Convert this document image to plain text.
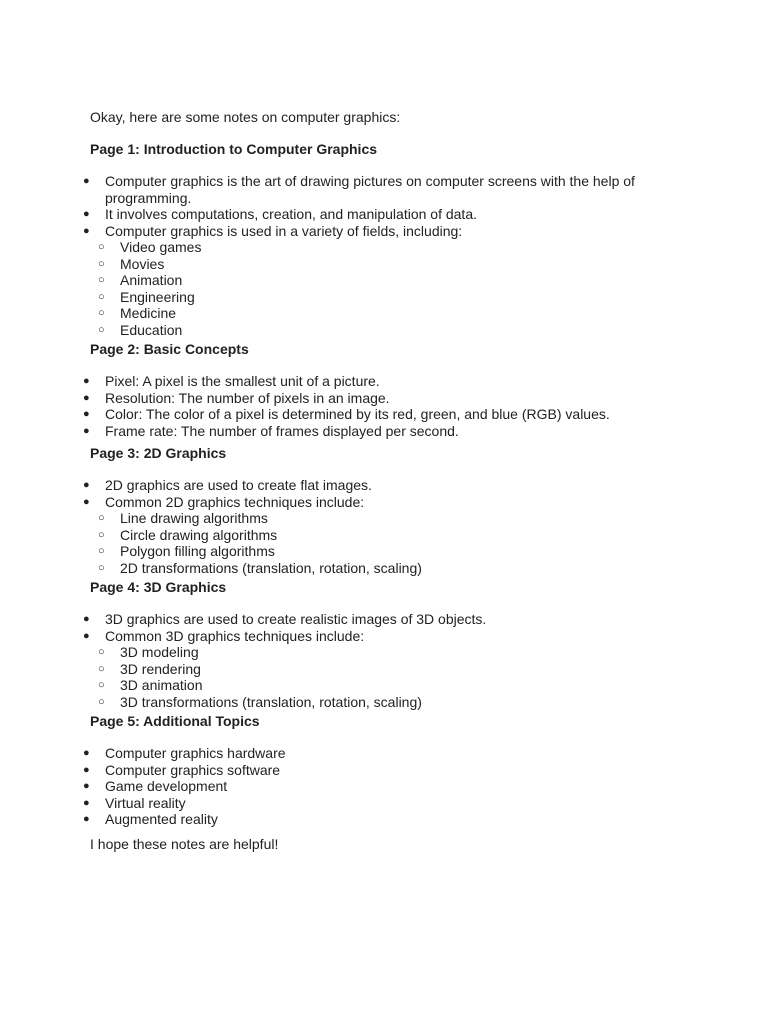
Okay, here are some notes on computer graphics:

Page 1: Introduction to Computer Graphics

● Computer graphics is the art of drawing pictures on computer screens with the help of programming.
● It involves computations, creation, and manipulation of data.
● Computer graphics is used in a variety of fields, including:
○ Video games
○ Movies
○ Animation
○ Engineering
○ Medicine
○ Education

Page 2: Basic Concepts

● Pixel: A pixel is the smallest unit of a picture.
● Resolution: The number of pixels in an image.
● Color: The color of a pixel is determined by its red, green, and blue (RGB) values.
● Frame rate: The number of frames displayed per second.

Page 3: 2D Graphics

● 2D graphics are used to create flat images.
● Common 2D graphics techniques include:
○ Line drawing algorithms
○ Circle drawing algorithms
○ Polygon filling algorithms
○ 2D transformations (translation, rotation, scaling)

Page 4: 3D Graphics

● 3D graphics are used to create realistic images of 3D objects.
● Common 3D graphics techniques include:
○ 3D modeling
○ 3D rendering
○ 3D animation
○ 3D transformations (translation, rotation, scaling)

Page 5: Additional Topics

● Computer graphics hardware
● Computer graphics software
● Game development
● Virtual reality
● Augmented reality

I hope these notes are helpful!
